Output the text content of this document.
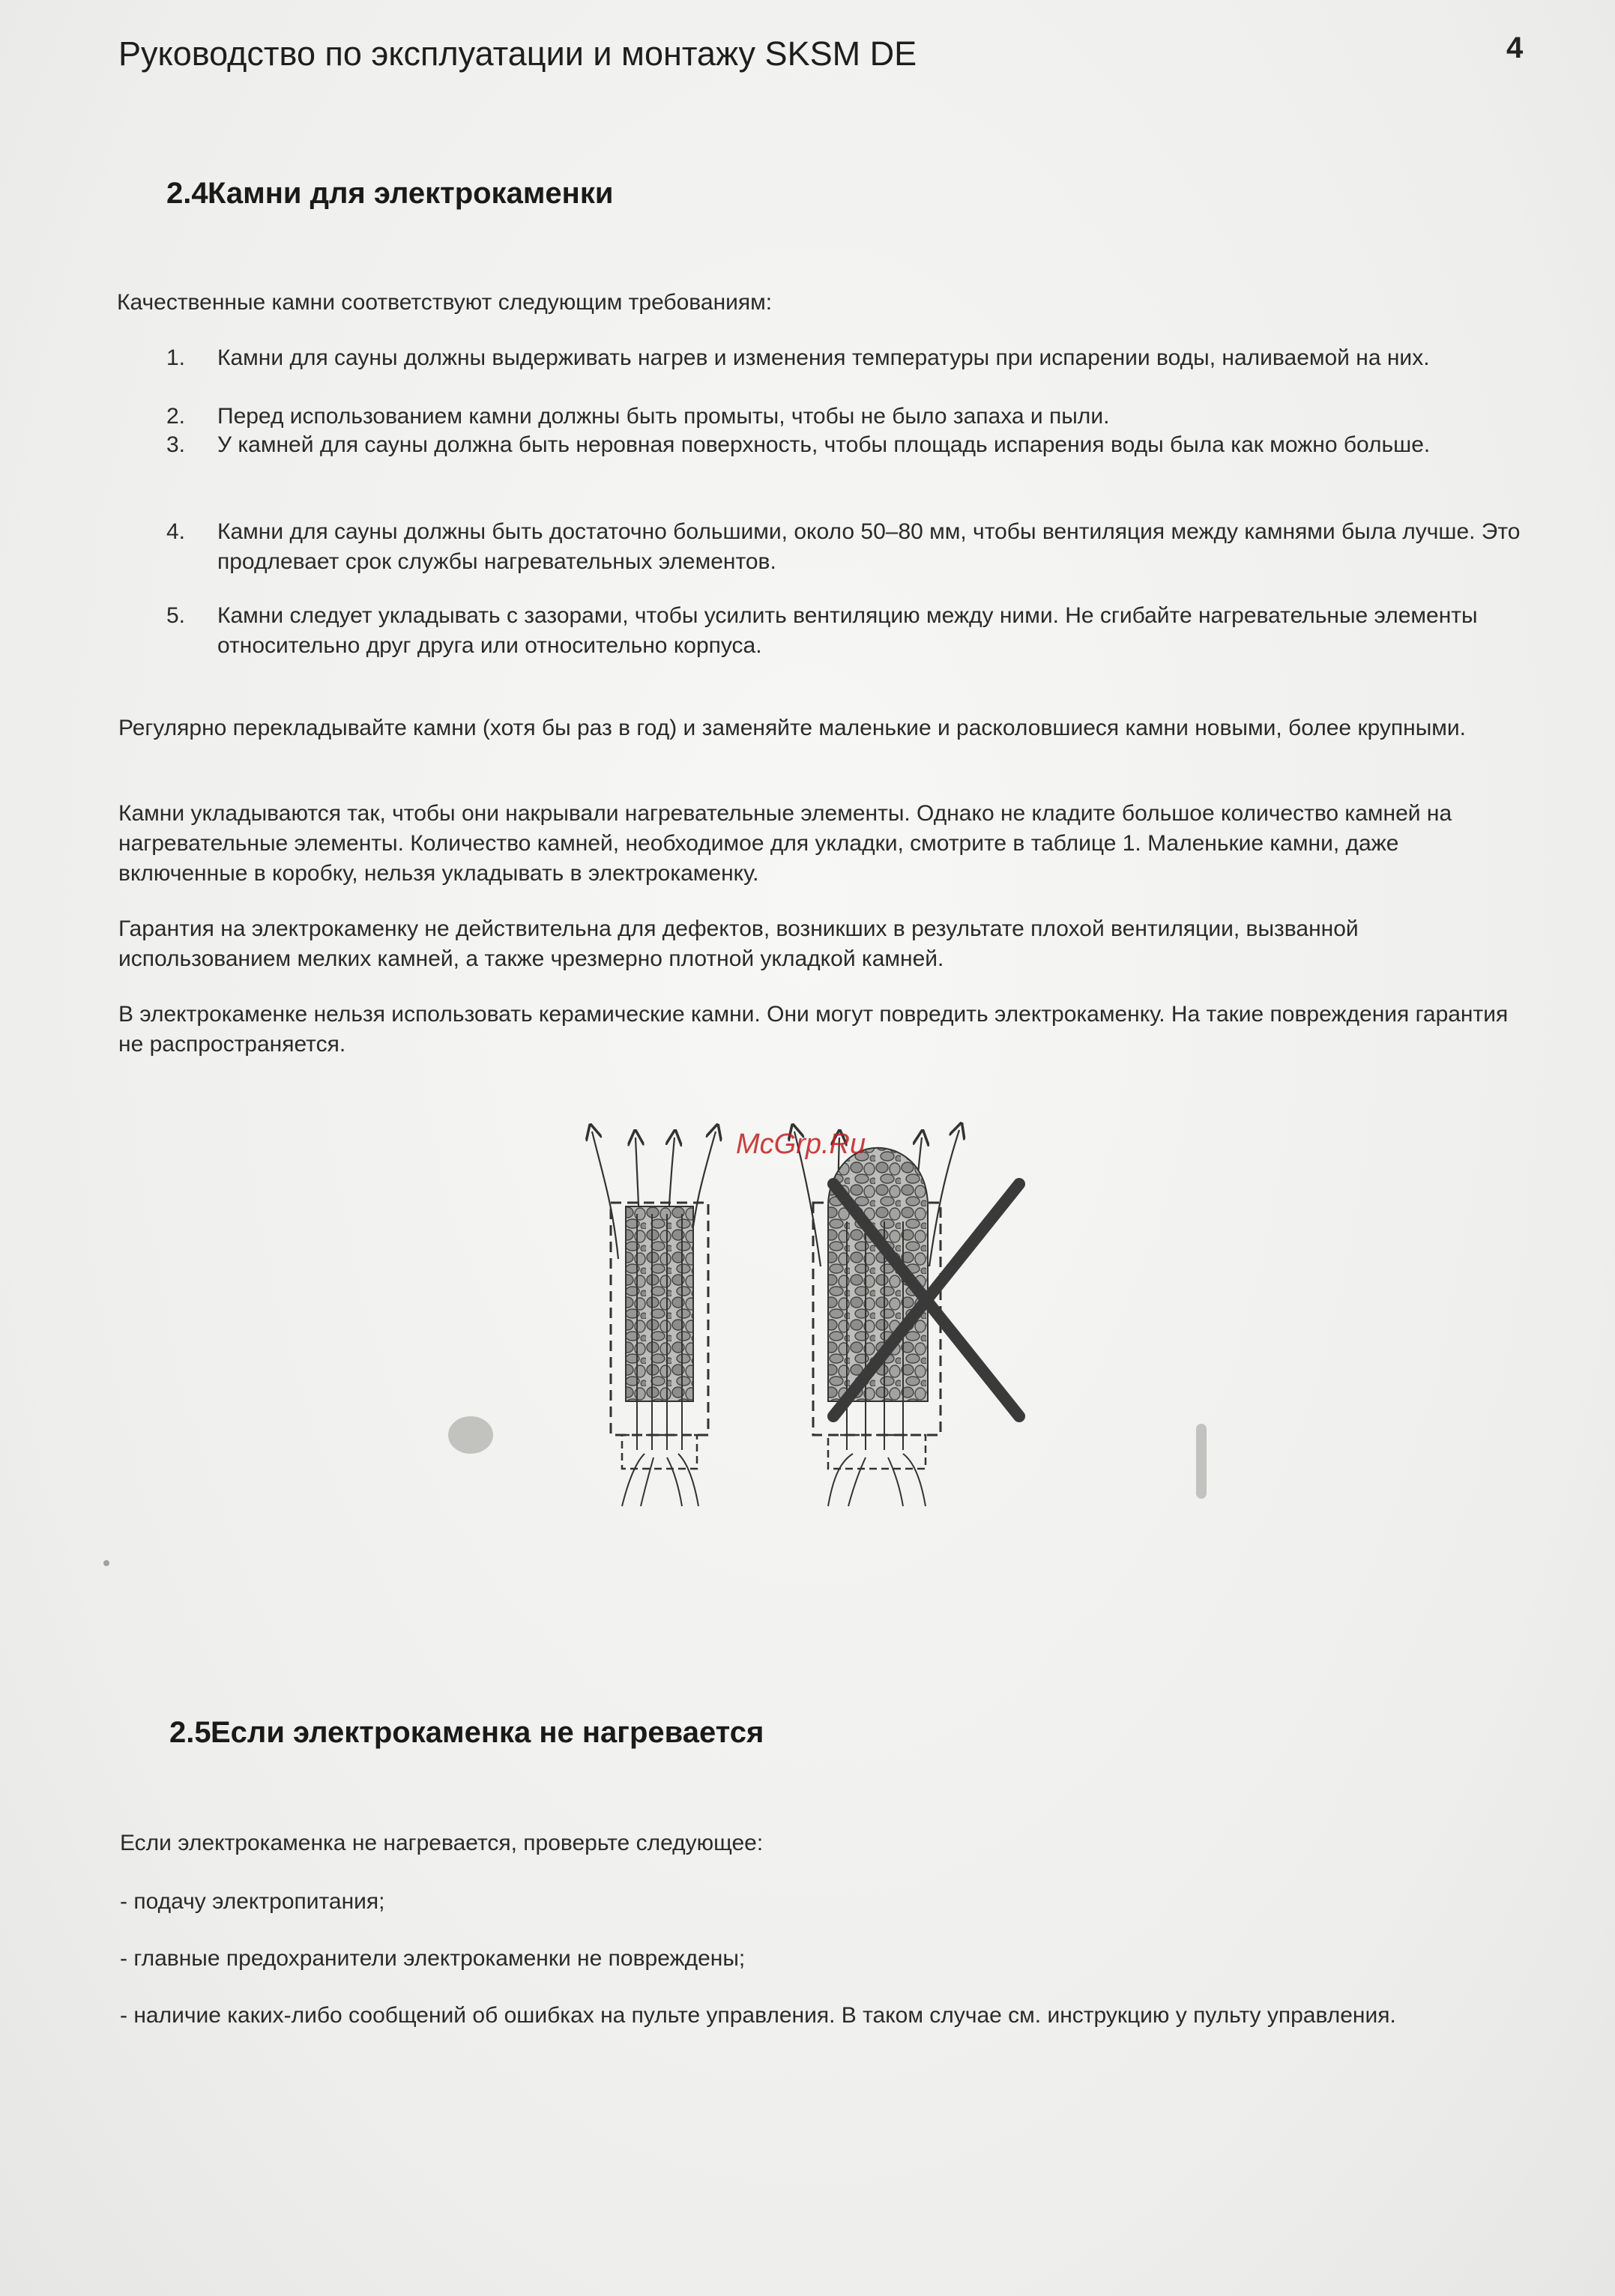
Руководство по эксплуатации и монтажу SKSM DE	4
2.4.Камни для электрокаменки
Качественные камни соответствуют следующим требованиям:
1. Камни для сауны должны выдерживать нагрев и изменения температуры при испарении воды, наливаемой на них.
2. Перед использованием камни должны быть промыты, чтобы не было запаха и пыли.
3. У камней для сауны должна быть неровная поверхность, чтобы площадь испарения воды была как можно больше.
4. Камни для сауны должны быть достаточно большими, около 50–80 мм, чтобы вентиляция между камнями была лучше. Это продлевает срок службы нагревательных элементов.
5. Камни следует укладывать с зазорами, чтобы усилить вентиляцию между ними. Не сгибайте нагревательные элементы относительно друг друга или относительно корпуса.
Регулярно перекладывайте камни (хотя бы раз в год) и заменяйте маленькие и расколовшиеся камни новыми, более крупными.
Камни укладываются так, чтобы они накрывали нагревательные элементы. Однако не кладите большое количество камней на нагревательные элементы. Количество камней, необходимое для укладки, смотрите в таблице 1. Маленькие камни, даже включенные в коробку, нельзя укладывать в электрокаменку.
Гарантия на электрокаменку не действительна для дефектов, возникших в результате плохой вентиляции, вызванной использованием мелких камней, а также чрезмерно плотной укладкой камней.
В электрокаменке нельзя использовать керамические камни. Они могут повредить электрокаменку. На такие повреждения гарантия не распространяется.
McGrp.Ru
2.5.Если электрокаменка не нагревается
Если электрокаменка не нагревается, проверьте следующее:
- подачу электропитания;
- главные предохранители электрокаменки не повреждены;
- наличие каких-либо сообщений об ошибках на пульте управления. В таком случае см. инструкцию у пульту управления.
